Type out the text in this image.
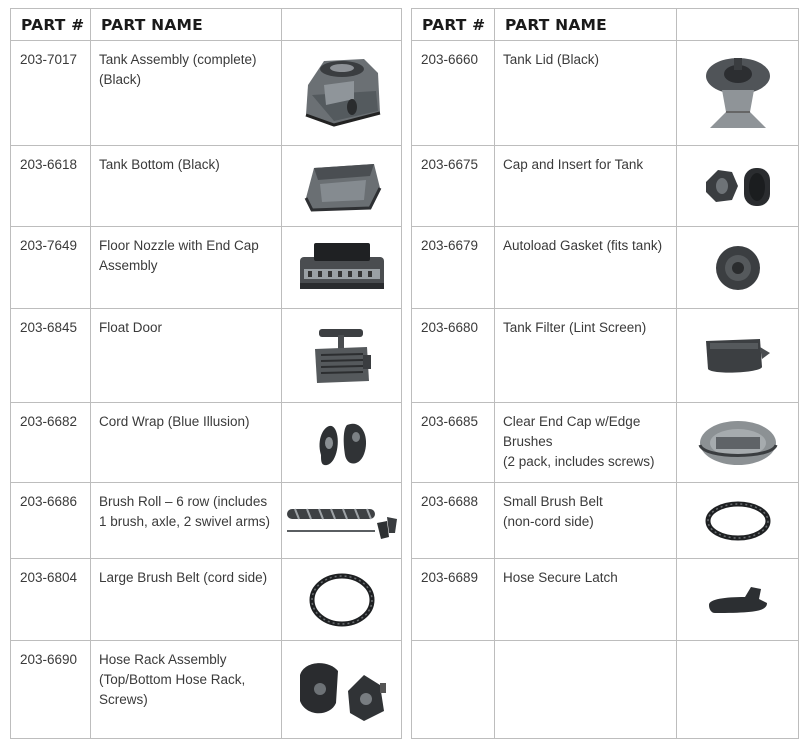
PART #	PART NAME	
203-7017	Tank Assembly (complete)
(Black)

203-6618	Tank Bottom (Black)

203-7649	Floor Nozzle with End Cap
Assembly

203-6845	Float Door

203-6682	Cord Wrap (Blue Illusion)

203-6686	Brush Roll – 6 row (includes
1 brush, axle, 2 swivel arms)

203-6804	Large Brush Belt (cord side)

203-6690	Hose Rack Assembly
(Top/Bottom Hose Rack, Screws)

PART #	PART NAME	
203-6660	Tank Lid (Black)

203-6675	Cap and Insert for Tank

203-6679	Autoload Gasket (fits tank)

203-6680	Tank Filter (Lint Screen)

203-6685	Clear End Cap w/Edge Brushes
(2 pack, includes screws)

203-6688	Small Brush Belt
(non-cord side)

203-6689	Hose Secure Latch
